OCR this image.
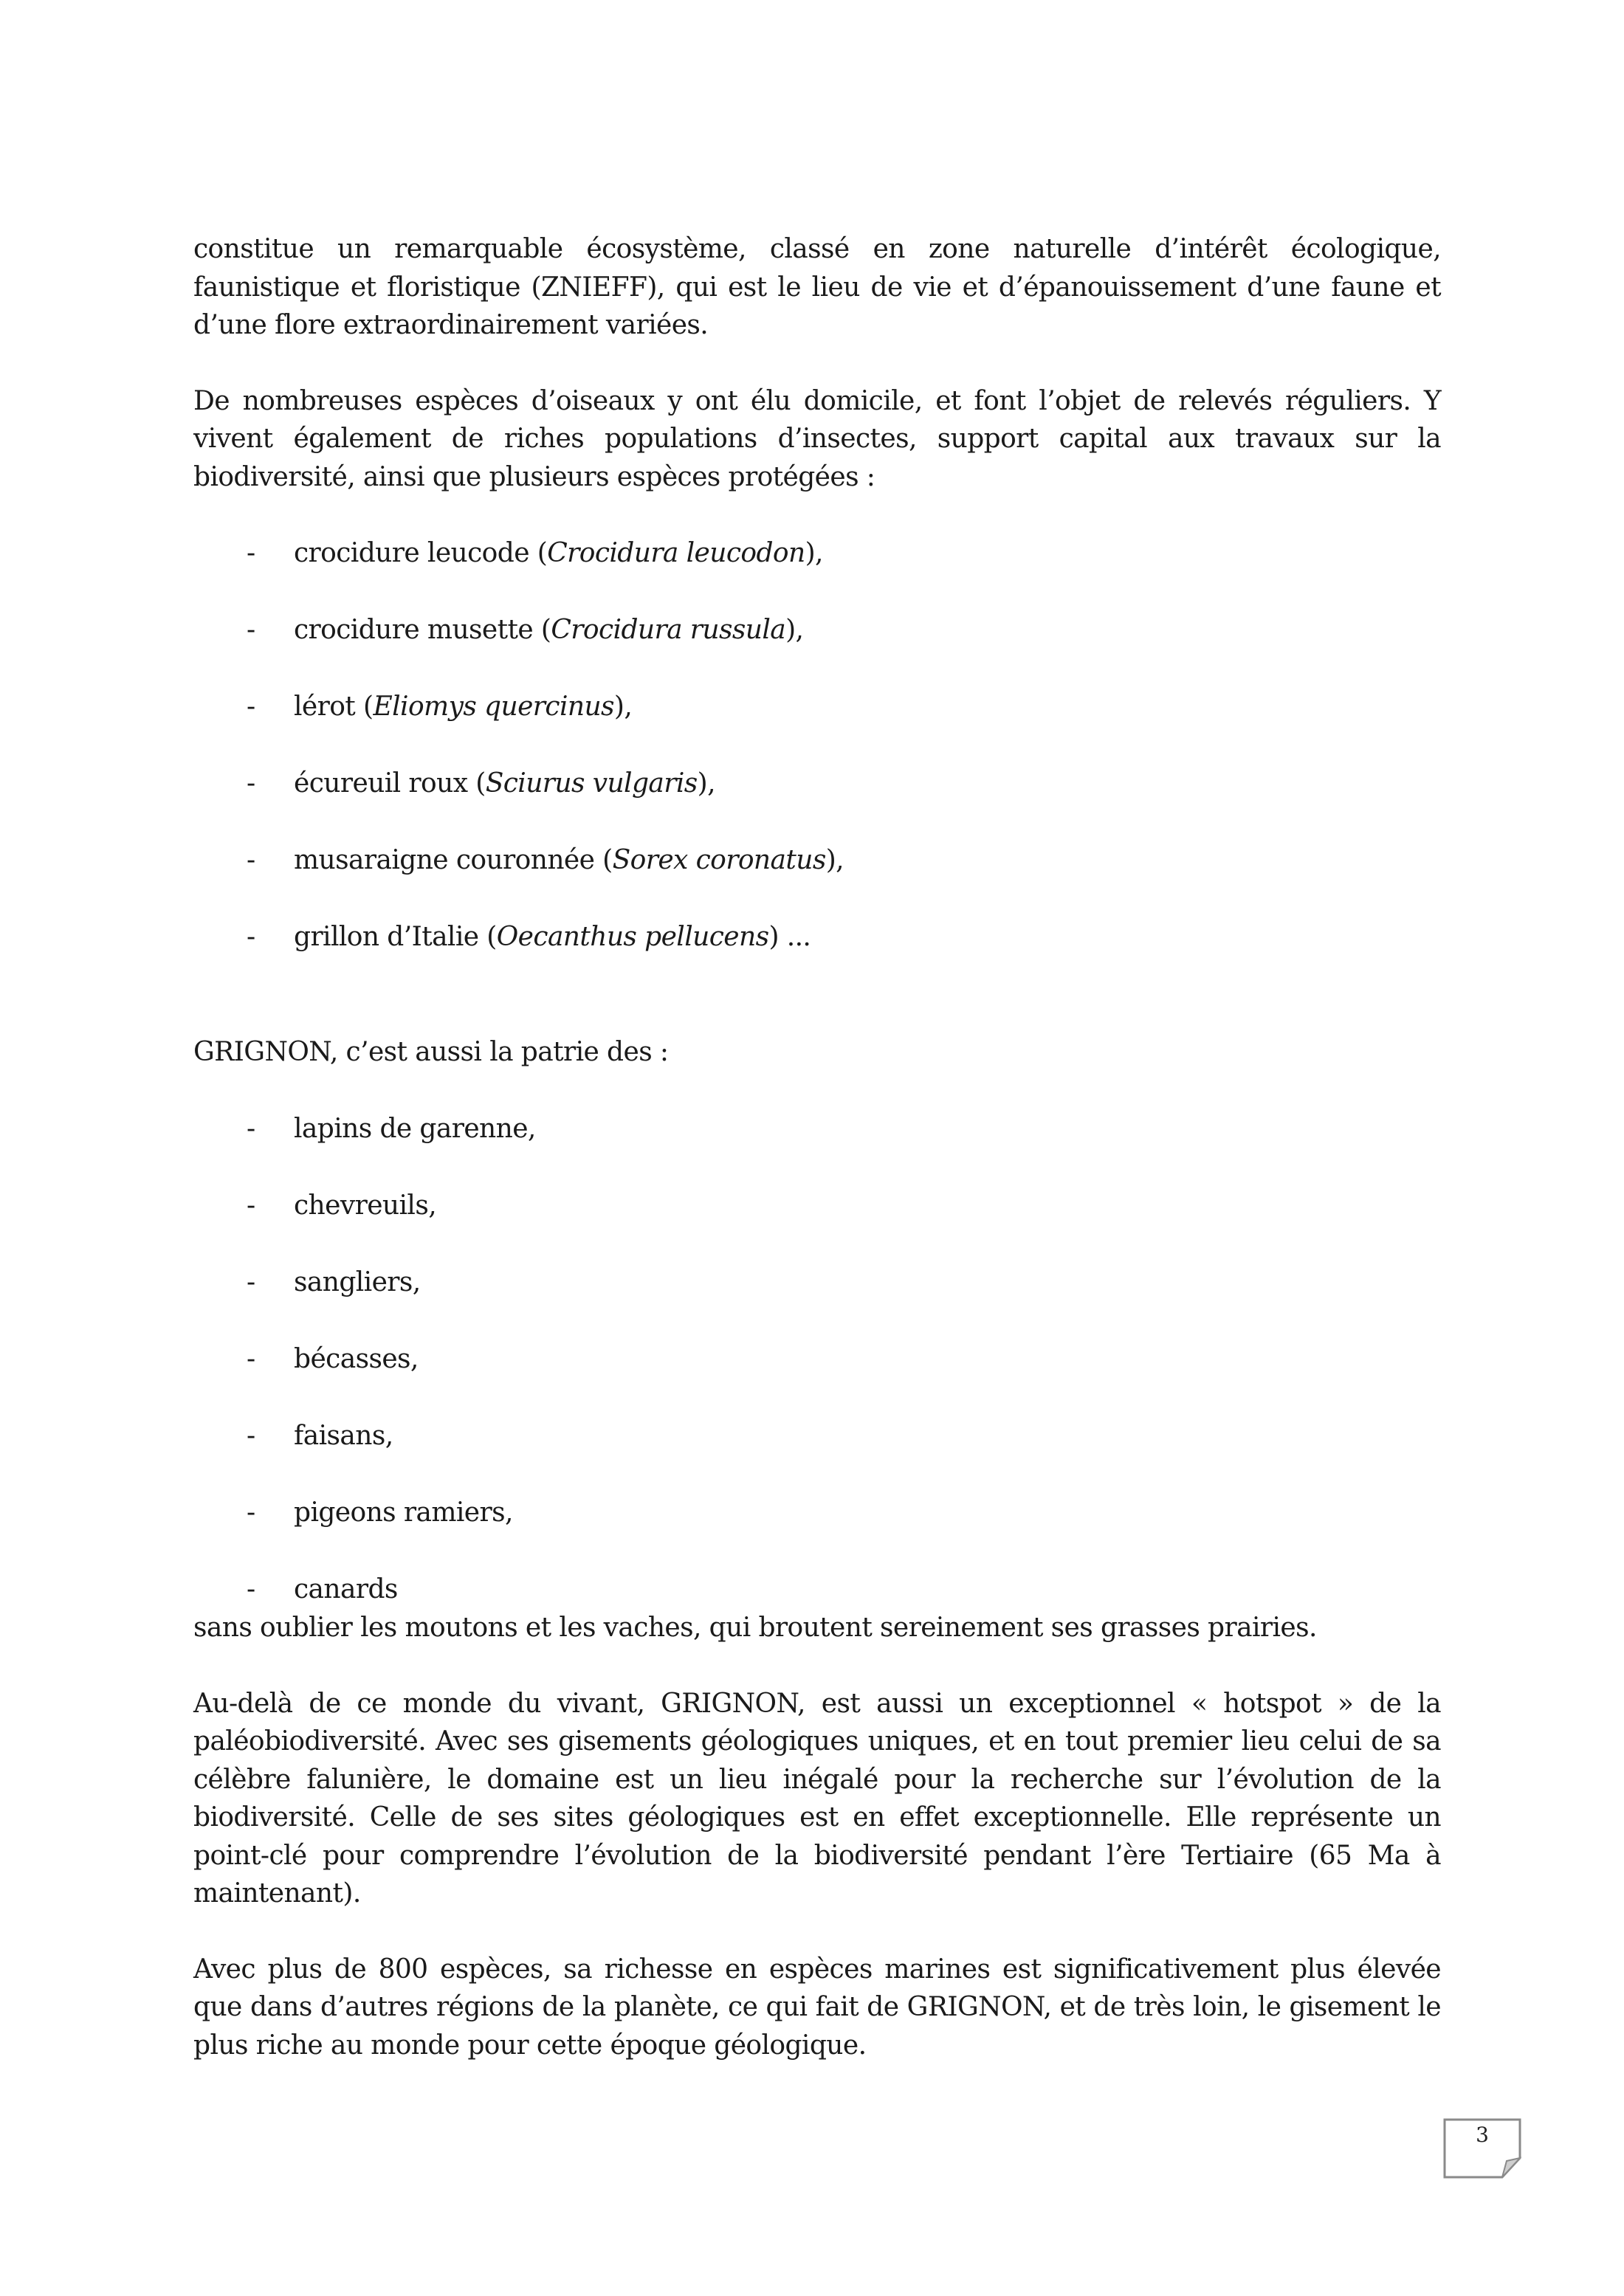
constitue un remarquable écosystème, classé en zone naturelle d’intérêt écologique, faunistique et floristique (ZNIEFF), qui est le lieu de vie et d’épanouissement d’une faune et d’une flore extraordinairement variées.

De nombreuses espèces d’oiseaux y ont élu domicile, et font l’objet de relevés réguliers. Y vivent également de riches populations d’insectes, support capital aux travaux sur la biodiversité, ainsi que plusieurs espèces protégées :

- crocidure leucode (Crocidura leucodon),
- crocidure musette (Crocidura russula),
- lérot (Eliomys quercinus),
- écureuil roux (Sciurus vulgaris),
- musaraigne couronnée (Sorex coronatus),
- grillon d’Italie (Oecanthus pellucens) ...

GRIGNON, c’est aussi la patrie des :

- lapins de garenne,
- chevreuils,
- sangliers,
- bécasses,
- faisans,
- pigeons ramiers,
- canards

sans oublier les moutons et les vaches, qui broutent sereinement ses grasses prairies.

Au-delà de ce monde du vivant, GRIGNON, est aussi un exceptionnel « hotspot » de la paléobiodiversité. Avec ses gisements géologiques uniques, et en tout premier lieu celui de sa célèbre falunière, le domaine est un lieu inégalé pour la recherche sur l’évolution de la biodiversité. Celle de ses sites géologiques est en effet exceptionnelle. Elle représente un point-clé pour comprendre l’évolution de la biodiversité pendant l’ère Tertiaire (65 Ma à maintenant).

Avec plus de 800 espèces, sa richesse en espèces marines est significativement plus élevée que dans d’autres régions de la planète, ce qui fait de GRIGNON, et de très loin, le gisement le plus riche au monde pour cette époque géologique.

3
